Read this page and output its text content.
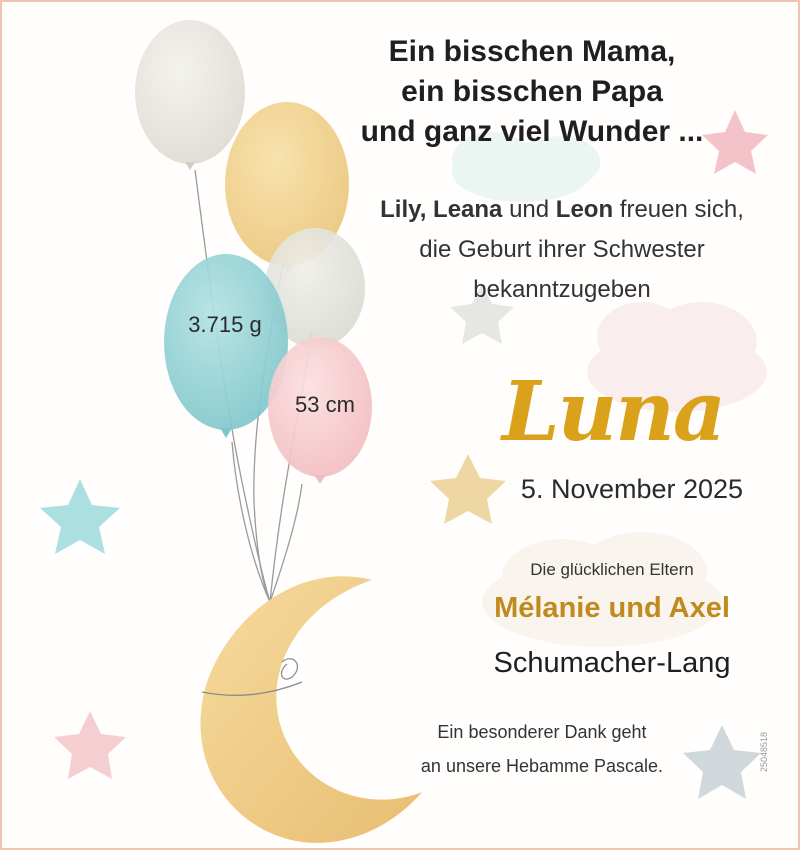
Ein bisschen Mama,
ein bisschen Papa
und ganz viel Wunder ...
Lily, Leana und Leon freuen sich,
die Geburt ihrer Schwester
bekanntzugeben
3.715 g
53 cm Luna
5. November 2025
Die glücklichen Eltern
Mélanie und Axel
Schumacher-Lang
Ein besonderer Dank geht
an unsere Hebamme Pascale.	25048518
